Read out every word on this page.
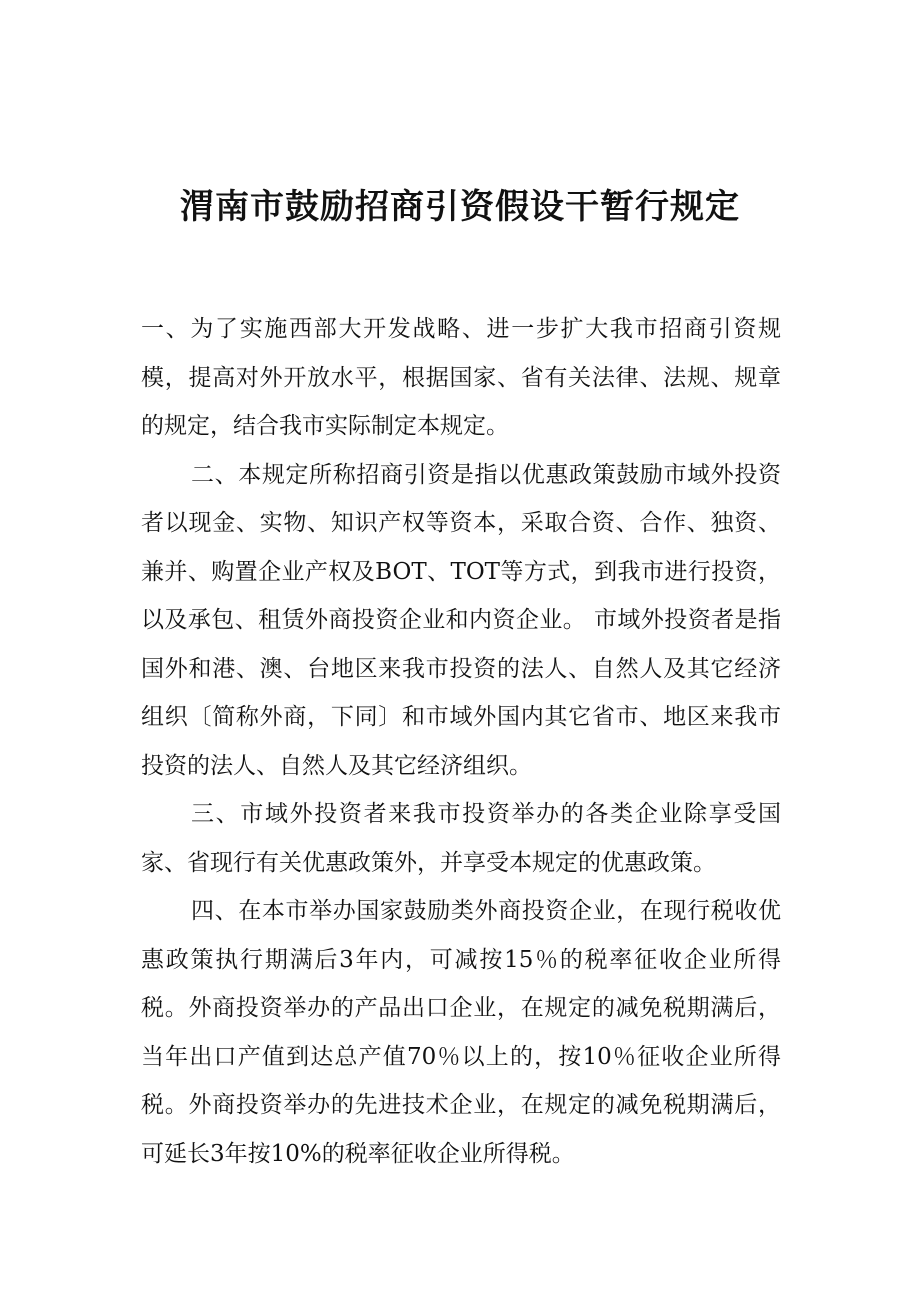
渭南市鼓励招商引资假设干暂行规定

一、为了实施西部大开发战略、进一步扩大我市招商引资规模，提高对外开放水平，根据国家、省有关法律、法规、规章的规定，结合我市实际制定本规定。

二、本规定所称招商引资是指以优惠政策鼓励市域外投资者以现金、实物、知识产权等资本，采取合资、合作、独资、兼并、购置企业产权及BOT、TOT等方式，到我市进行投资，以及承包、租赁外商投资企业和内资企业。 市域外投资者是指国外和港、澳、台地区来我市投资的法人、自然人及其它经济组织〔简称外商，下同〕和市域外国内其它省市、地区来我市投资的法人、自然人及其它经济组织。

三、市域外投资者来我市投资举办的各类企业除享受国家、省现行有关优惠政策外，并享受本规定的优惠政策。

四、在本市举办国家鼓励类外商投资企业，在现行税收优惠政策执行期满后3年内，可减按15％的税率征收企业所得税。外商投资举办的产品出口企业，在规定的减免税期满后，当年出口产值到达总产值70％以上的，按10％征收企业所得税。外商投资举办的先进技术企业，在规定的减免税期满后，可延长3年按10%的税率征收企业所得税。
